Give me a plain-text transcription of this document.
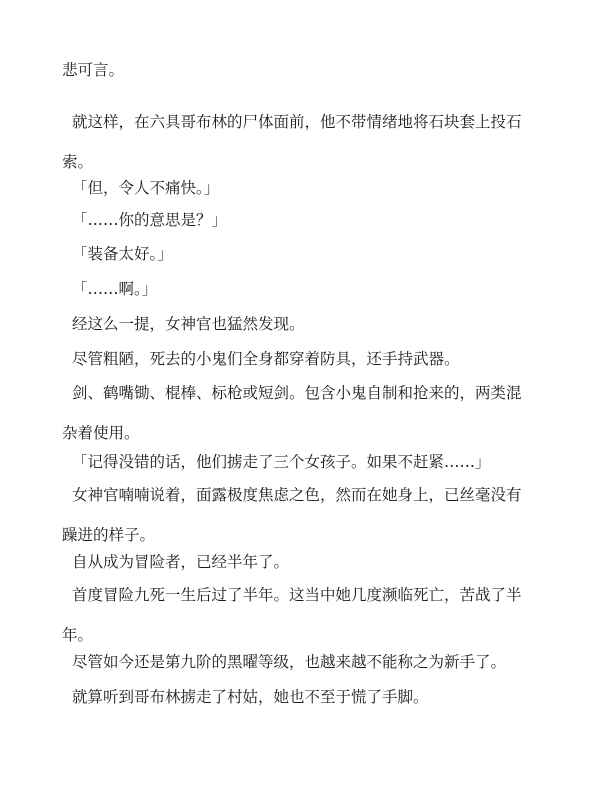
悲可言。

就这样，在六具哥布林的尸体面前，他不带情绪地将石块套上投石
索。

「但，令人不痛快。」

「……你的意思是？」

「装备太好。」

「……啊。」

经这么一提，女神官也猛然发现。

尽管粗陋，死去的小鬼们全身都穿着防具，还手持武器。

剑、鹤嘴锄、棍棒、标枪或短剑。包含小鬼自制和抢来的，两类混
杂着使用。

「记得没错的话，他们掳走了三个女孩子。如果不赶紧……」

女神官喃喃说着，面露极度焦虑之色，然而在她身上，已丝毫没有
躁进的样子。

自从成为冒险者，已经半年了。

首度冒险九死一生后过了半年。这当中她几度濒临死亡，苦战了半
年。

尽管如今还是第九阶的黑曜等级，也越来越不能称之为新手了。

就算听到哥布林掳走了村姑，她也不至于慌了手脚。
